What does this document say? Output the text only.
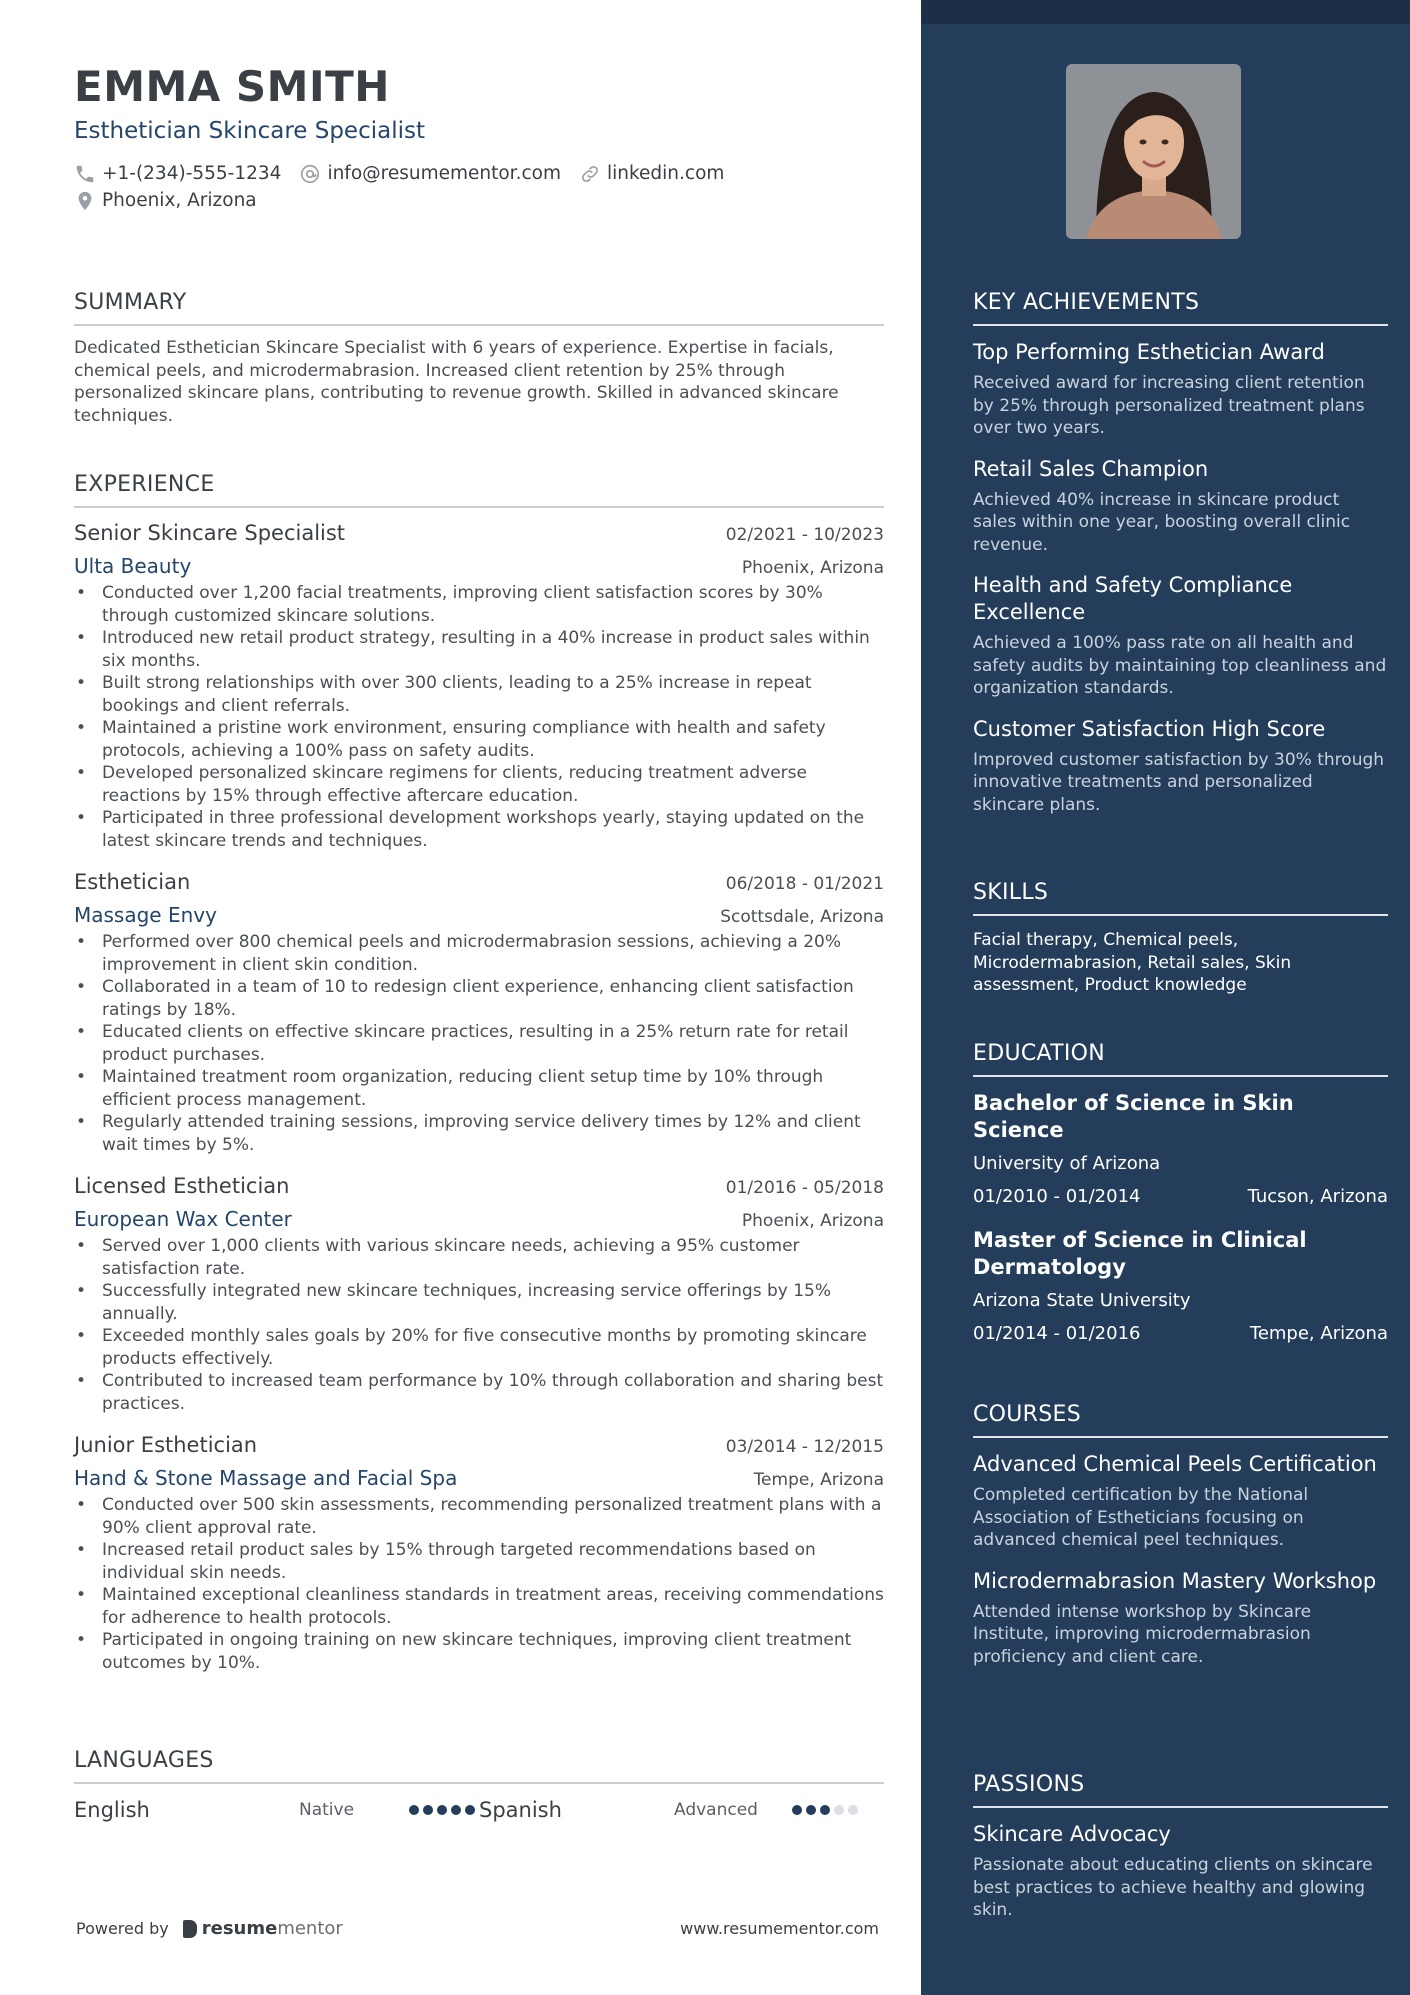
EMMA SMITH
Esthetician Skincare Specialist
+1-(234)-555-1234 info@resumementor.com linkedin.com
Phoenix, Arizona
SUMMARY

Dedicated Esthetician Skincare Specialist with 6 years of experience. Expertise in facials, chemical peels, and microdermabrasion. Increased client retention by 25% through personalized skincare plans, contributing to revenue growth. Skilled in advanced skincare techniques.

EXPERIENCE
Senior Skincare Specialist	02/2021 - 10/2023
Ulta Beauty	Phoenix, Arizona
• Conducted over 1,200 facial treatments, improving client satisfaction scores by 30% through customized skincare solutions.
• Introduced new retail product strategy, resulting in a 40% increase in product sales within six months.
• Built strong relationships with over 300 clients, leading to a 25% increase in repeat bookings and client referrals.
• Maintained a pristine work environment, ensuring compliance with health and safety protocols, achieving a 100% pass on safety audits.
• Developed personalized skincare regimens for clients, reducing treatment adverse reactions by 15% through effective aftercare education.
• Participated in three professional development workshops yearly, staying updated on the latest skincare trends and techniques.
Esthetician	06/2018 - 01/2021
Massage Envy	Scottsdale, Arizona
• Performed over 800 chemical peels and microdermabrasion sessions, achieving a 20% improvement in client skin condition.
• Collaborated in a team of 10 to redesign client experience, enhancing client satisfaction ratings by 18%.
• Educated clients on effective skincare practices, resulting in a 25% return rate for retail product purchases.
• Maintained treatment room organization, reducing client setup time by 10% through efficient process management.
• Regularly attended training sessions, improving service delivery times by 12% and client wait times by 5%.
Licensed Esthetician	01/2016 - 05/2018
European Wax Center	Phoenix, Arizona
• Served over 1,000 clients with various skincare needs, achieving a 95% customer satisfaction rate.
• Successfully integrated new skincare techniques, increasing service offerings by 15% annually.
• Exceeded monthly sales goals by 20% for five consecutive months by promoting skincare products effectively.
• Contributed to increased team performance by 10% through collaboration and sharing best practices.
Junior Esthetician	03/2014 - 12/2015
Hand & Stone Massage and Facial Spa	Tempe, Arizona
• Conducted over 500 skin assessments, recommending personalized treatment plans with a 90% client approval rate.
• Increased retail product sales by 15% through targeted recommendations based on individual skin needs.
• Maintained exceptional cleanliness standards in treatment areas, receiving commendations for adherence to health protocols.
• Participated in ongoing training on new skincare techniques, improving client treatment outcomes by 10%.
LANGUAGES
English	Native	Spanish	Advanced
Powered by resume mentor	www.resumementor.com
KEY ACHIEVEMENTS
Top Performing Esthetician Award
Received award for increasing client retention by 25% through personalized treatment plans over two years.
Retail Sales Champion
Achieved 40% increase in skincare product sales within one year, boosting overall clinic revenue.
Health and Safety Compliance Excellence
Achieved a 100% pass rate on all health and safety audits by maintaining top cleanliness and organization standards.
Customer Satisfaction High Score
Improved customer satisfaction by 30% through innovative treatments and personalized skincare plans.
SKILLS

Facial therapy, Chemical peels, Microdermabrasion, Retail sales, Skin assessment, Product knowledge

EDUCATION
Bachelor of Science in Skin Science
University of Arizona
01/2010 - 01/2014	Tucson, Arizona
Master of Science in Clinical Dermatology
Arizona State University
01/2014 - 01/2016	Tempe, Arizona
COURSES
Advanced Chemical Peels Certification
Completed certification by the National Association of Estheticians focusing on advanced chemical peel techniques.
Microdermabrasion Mastery Workshop
Attended intense workshop by Skincare Institute, improving microdermabrasion proficiency and client care.
PASSIONS
Skincare Advocacy
Passionate about educating clients on skincare best practices to achieve healthy and glowing skin.
